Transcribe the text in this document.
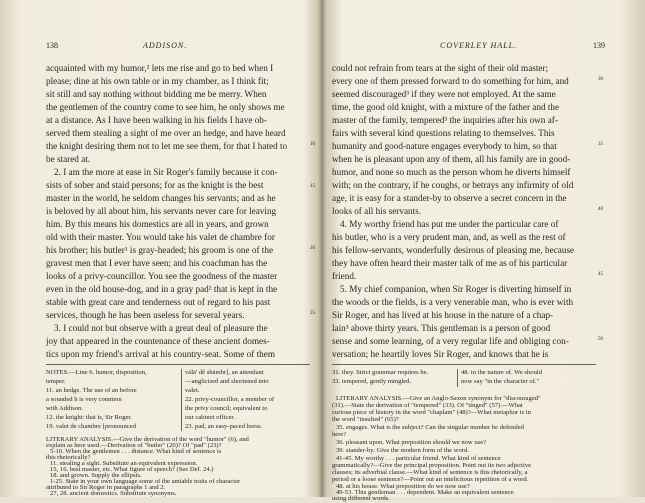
138	ADDISON.
acquainted with my humor,² lets me rise and go to bed when I
please; dine at his own table or in my chamber, as I think fit;
sit still and say nothing without bidding me be merry. When
the gentlemen of the country come to see him, he only shows me
at a distance. As I have been walking in his fields I have ob-
served them stealing a sight of me over an hedge, and have heard
the knight desiring them not to let me see them, for that I hated to
be stared at.
2. I am the more at ease in Sir Roger's family because it con-
sists of sober and staid persons; for as the knight is the best
master in the world, he seldom changes his servants; and as he
is beloved by all about him, his servants never care for leaving
him. By this means his domestics are all in years, and grown
old with their master. You would take his valet de chambre for
his brother; his butler¹ is gray-headed; his groom is one of the
gravest men that I ever have seen; and his coachman has the
looks of a privy-councillor. You see the goodness of the master
even in the old house-dog, and in a gray pad² that is kept in the
stable with great care and tenderness out of regard to his past
services, though he has been useless for several years.
3. I could not but observe with a great deal of pleasure the
joy that appeared in the countenance of these ancient domes-
tics upon my friend's arrival at his country-seat. Some of them
10
15
20
25
NOTES.—Line 6. humor, disposition,
temper.
11. an hedge. The use of an before
a sounded h is very common
with Addison.
12. the knight: that is, Sir Roger.
19. valet de chambre [pronounced
välä' dĕ shämbr], an attendant
—anglicised and shortened into
valet.
22. privy-councillor, a member of
the privy council; equivalent to
our cabinet officer.
23. pad, an easy-paced horse.
LITERARY ANALYSIS.—Give the derivation of the word "humor" (6), and
explain as here used.—Derivation of "butler" (20)? Of "pad" (23)?
5-10. When the gentlemen . . . distance. What kind of sentence is
this rhetorically?
11. stealing a sight. Substitute an equivalent expression.
15, 16. best master, etc. What figure of speech? (See Def. 24.)
18. and grown. Supply the ellipsis.
1-25. State in your own language some of the amiable traits of character
attributed to Sir Roger in paragraphs 1 and 2.
27, 28. ancient domestics. Substitute synonyms.
COVERLEY HALL.	139
could not refrain from tears at the sight of their old master;
every one of them pressed forward to do something for him, and
seemed discouraged³ if they were not employed. At the same
time, the good old knight, with a mixture of the father and the
master of the family, tempered³ the inquiries after his own af-
fairs with several kind questions relating to themselves. This
humanity and good-nature engages everybody to him, so that
when he is pleasant upon any of them, all his family are in good-
humor, and none so much as the person whom he diverts himself
with; on the contrary, if he coughs, or betrays any infirmity of old
age, it is easy for a stander-by to observe a secret concern in the
looks of all his servants.
4. My worthy friend has put me under the particular care of
his butler, who is a very prudent man, and, as well as the rest of
his fellow-servants, wonderfully desirous of pleasing me, because
they have often heard their master talk of me as of his particular
friend.
5. My chief companion, when Sir Roger is diverting himself in
the woods or the fields, is a very venerable man, who is ever with
Sir Roger, and has lived at his house in the nature of a chap-
lain³ above thirty years. This gentleman is a person of good
sense and some learning, of a very regular life and obliging con-
versation; he heartily loves Sir Roger, and knows that he is
30
35
40
45
50
31. they. Strict grammar requires he.
33. tempered, gently mingled.
48. in the nature of. We should
now say "in the character of."
LITERARY ANALYSIS.—Give an Anglo-Saxon synonym for "discouraged"
(31).—State the derivation of "tempered" (33). Of "tinged" (57).—What
curious piece of history in the word "chaplain" (48)?—What metaphor is in
the word "insulted" (65)?
35. engages. What is the subject? Can the singular number be defended
here?
36. pleasant upon. What preposition should we now use?
39. stander-by. Give the modern form of the word.
41-45. My worthy . . . particular friend. What kind of sentence
grammatically?—Give the principal proposition. Point out its two adjective
clauses; its adverbial clause.—What kind of sentence is this rhetorically, a
period or a loose sentence?—Point out an intelicitous repetition of a word.
48. at his house. What preposition do we now use?
49-53. This gentleman . . . dependent. Make an equivalent sentence
using different words.
